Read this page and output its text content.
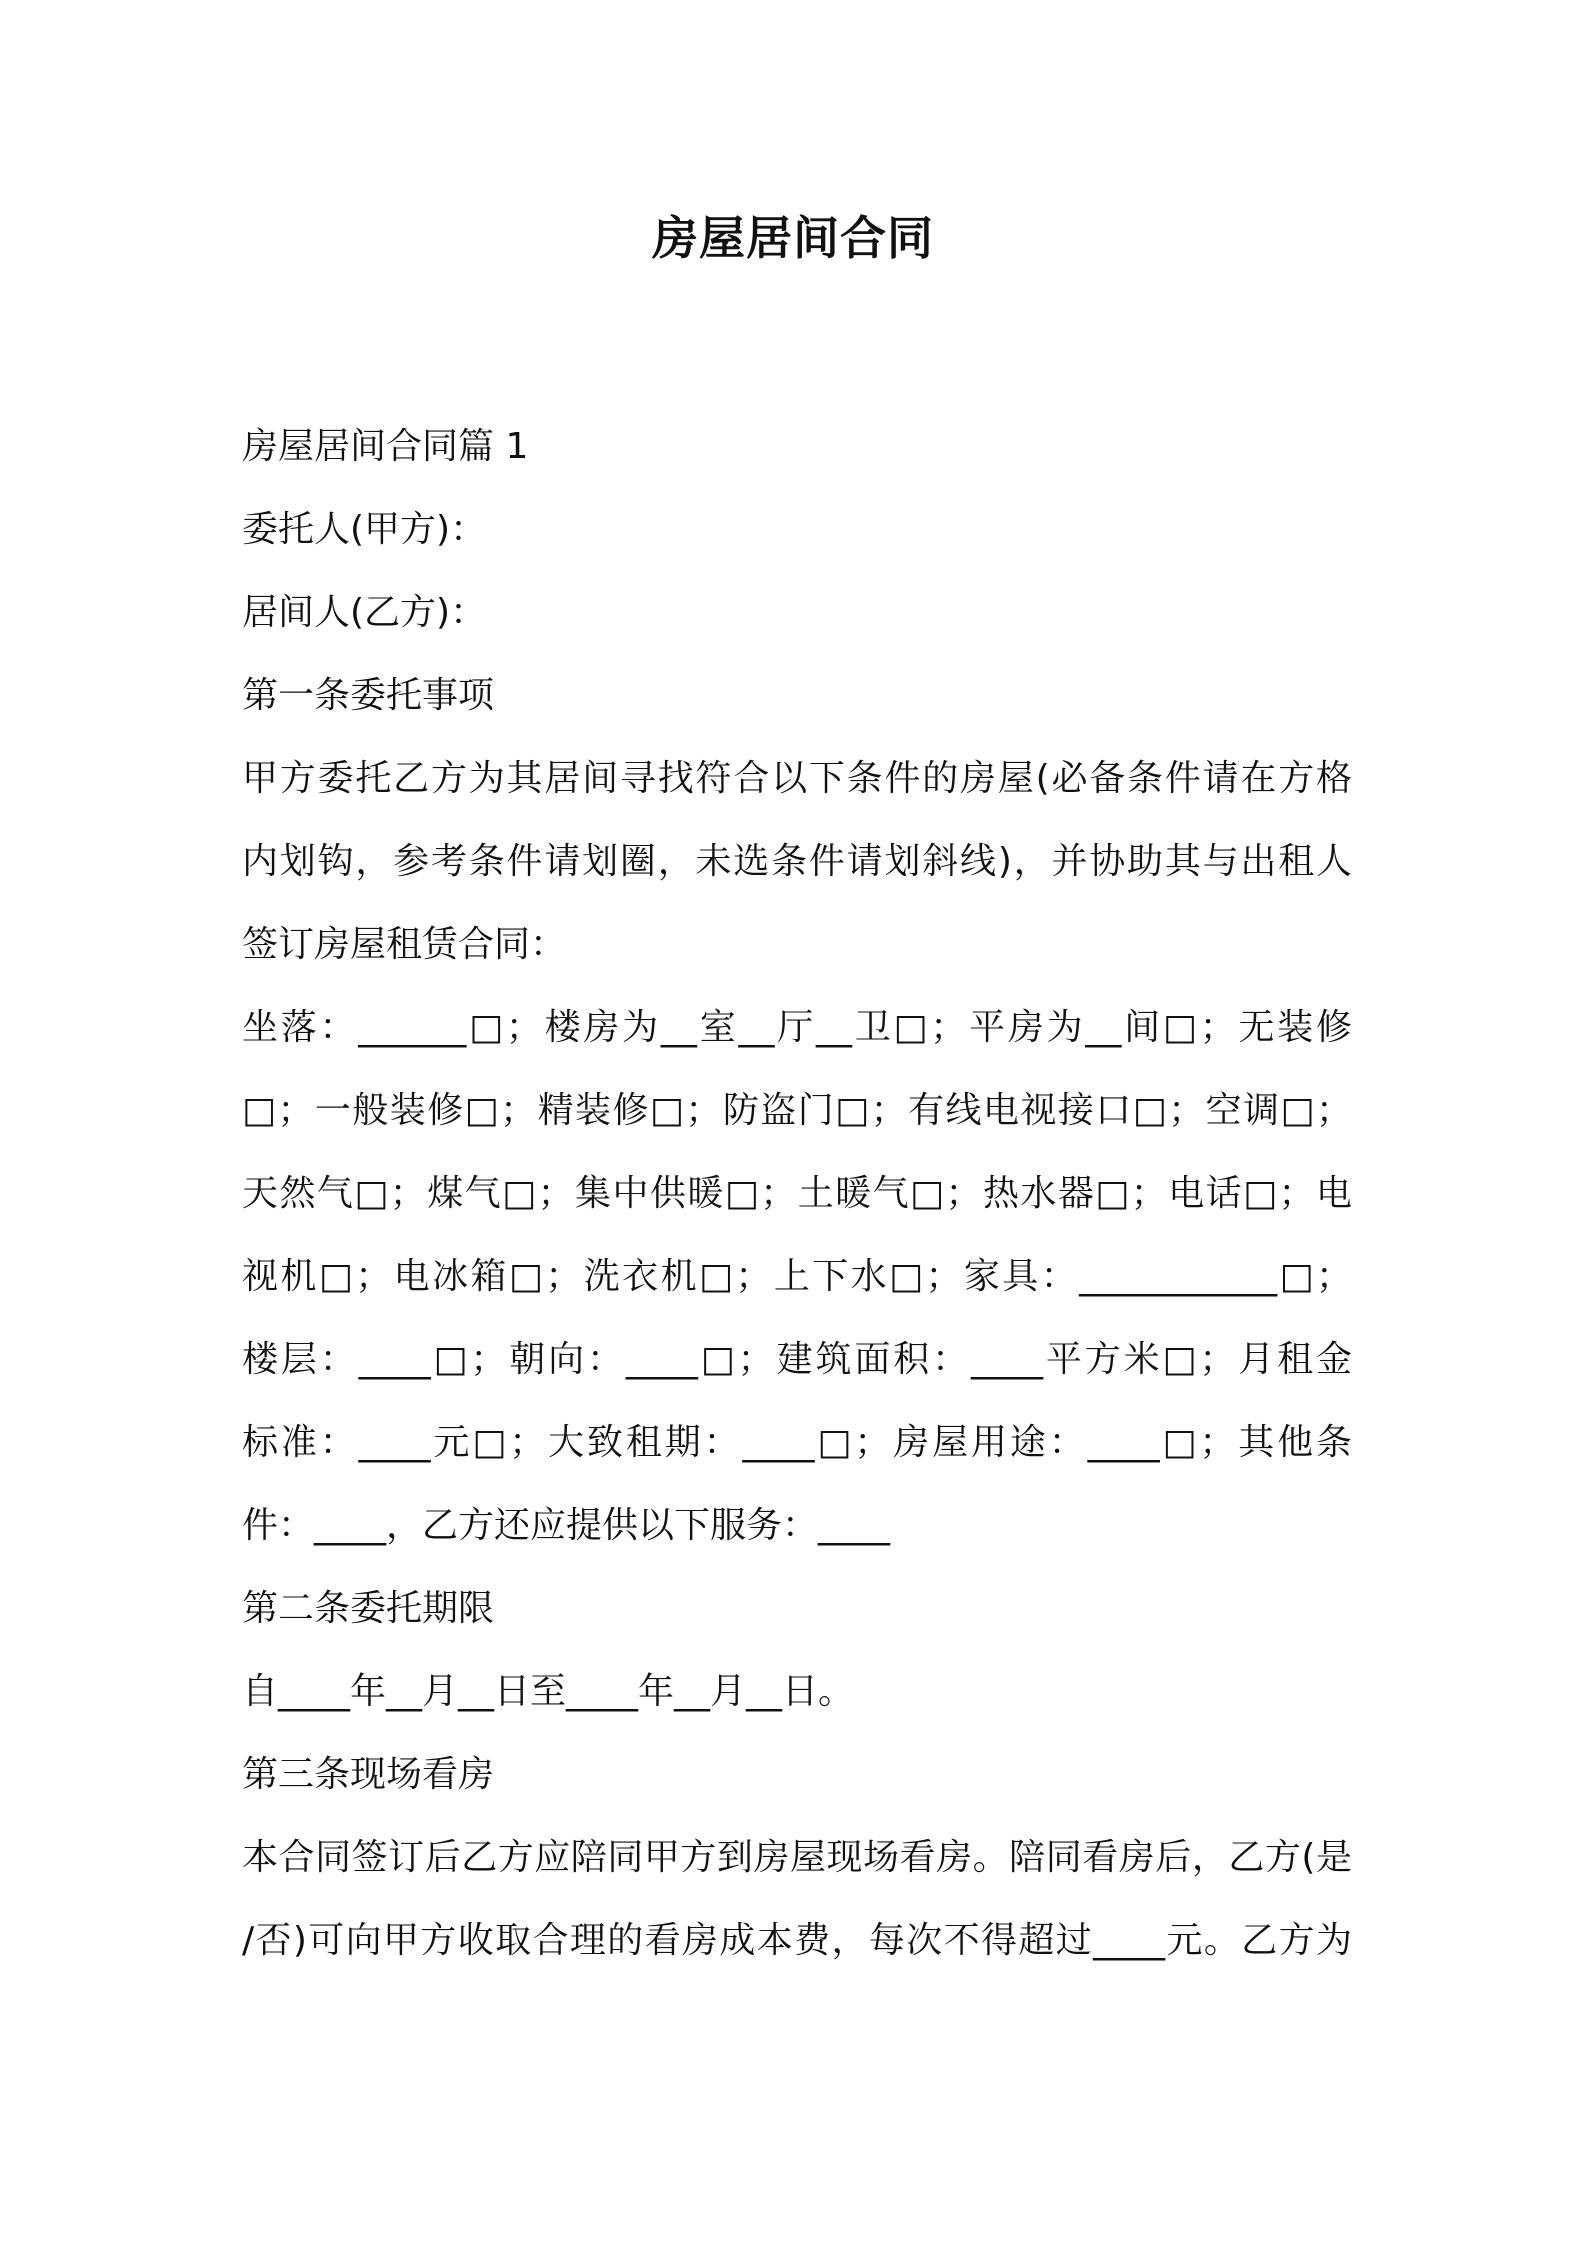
房屋居间合同

房屋居间合同篇 1

委托人(甲方)：

居间人(乙方)：

第一条委托事项

甲方委托乙方为其居间寻找符合以下条件的房屋(必备条件请在方格

内划钩，参考条件请划圈，未选条件请划斜线)，并协助其与出租人

签订房屋租赁合同：

坐落：______□；楼房为__室__厅__卫□；平房为__间□；无装修

□；一般装修□；精装修□；防盗门□；有线电视接口□；空调□；

天然气□；煤气□；集中供暖□；土暖气□；热水器□；电话□；电

视机□；电冰箱□；洗衣机□；上下水□；家具：___________□；

楼层：____□；朝向：____□；建筑面积：____平方米□；月租金

标准：____元□；大致租期：____□；房屋用途：____□；其他条

件：____，乙方还应提供以下服务：____

第二条委托期限

自____年__月__日至____年__月__日。

第三条现场看房

本合同签订后乙方应陪同甲方到房屋现场看房。陪同看房后，乙方(是

/否)可向甲方收取合理的看房成本费，每次不得超过____元。乙方为
